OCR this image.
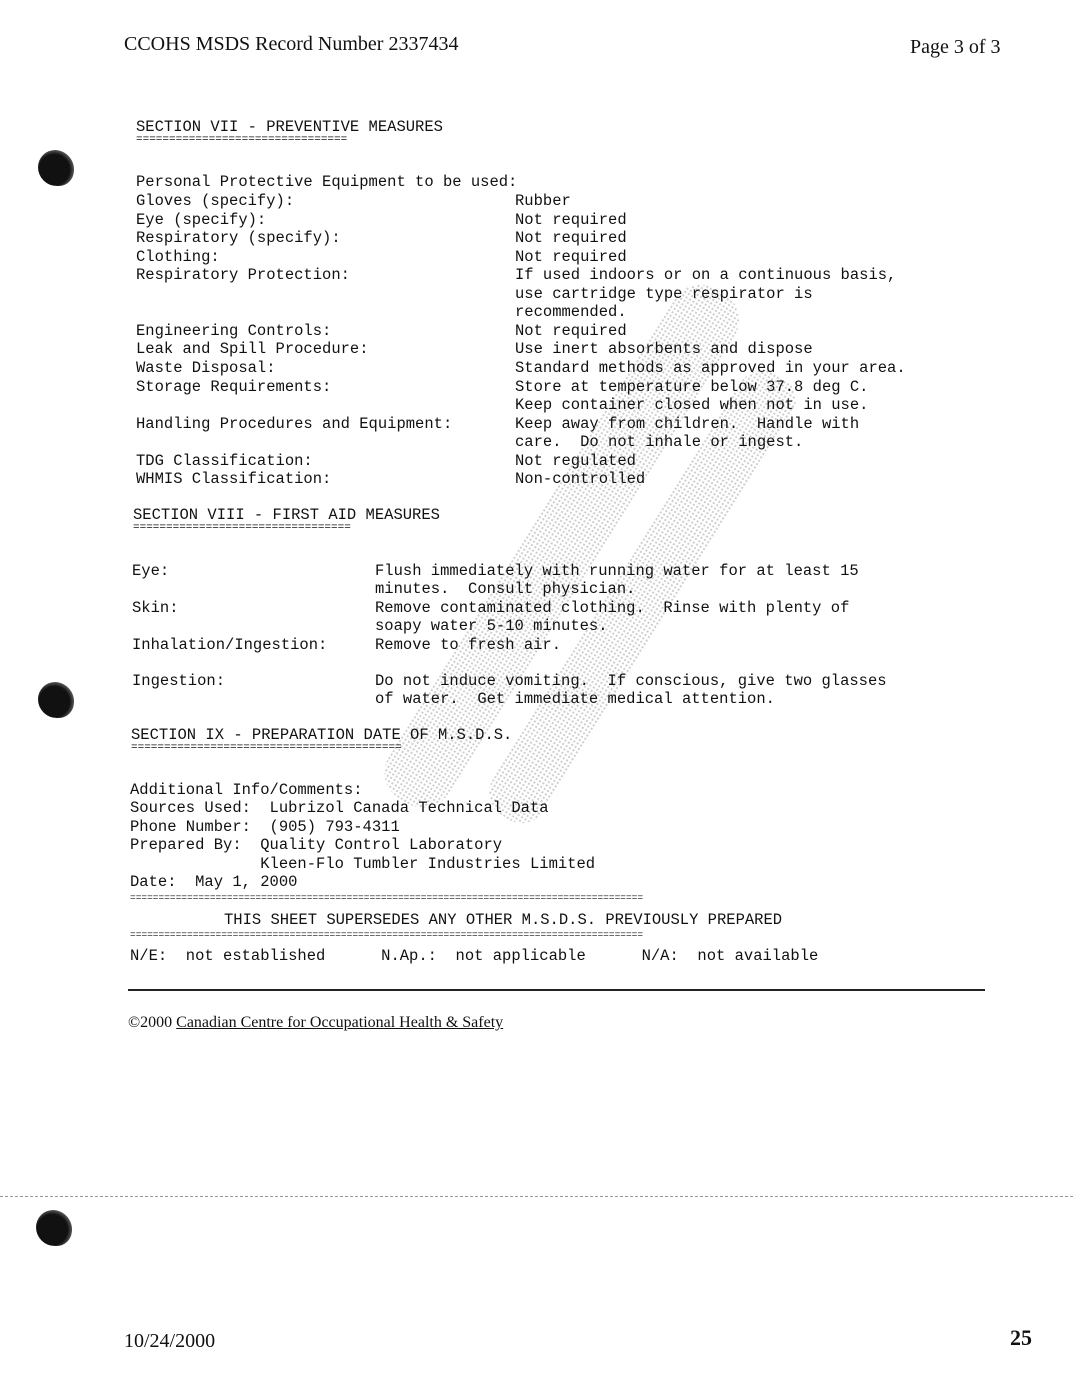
CCOHS MSDS Record Number 2337434	Page 3 of 3
SECTION VII - PREVENTIVE MEASURES
================================
Personal Protective Equipment to be used:
Gloves (specify):	Rubber
Eye (specify):	Not required
Respiratory (specify):	Not required
Clothing:	Not required
Respiratory Protection:	If used indoors or on a continuous basis,
use cartridge type respirator is
recommended.
Engineering Controls:	Not required
Leak and Spill Procedure:	Use inert absorbents and dispose
Waste Disposal:	Standard methods as approved in your area.
Storage Requirements:	Store at temperature below 37.8 deg C.
Keep container closed when not in use.
Handling Procedures and Equipment:	Keep away from children.  Handle with
care.  Do not inhale or ingest.
TDG Classification:	Not regulated
WHMIS Classification:	Non-controlled
SECTION VIII - FIRST AID MEASURES
=================================
Eye:	Flush immediately with running water for at least 15
minutes.  Consult physician.
Skin:	Remove contaminated clothing.  Rinse with plenty of
soapy water 5-10 minutes.
Inhalation/Ingestion:	Remove to fresh air.
Ingestion:	Do not induce vomiting.  If conscious, give two glasses
of water.  Get immediate medical attention.
SECTION IX - PREPARATION DATE OF M.S.D.S.
=========================================
Additional Info/Comments:
Sources Used:  Lubrizol Canada Technical Data
Phone Number:  (905) 793-4311
Prepared By:  Quality Control Laboratory
Kleen-Flo Tumbler Industries Limited
Date:  May 1, 2000
==========================================================================================
THIS SHEET SUPERSEDES ANY OTHER M.S.D.S. PREVIOUSLY PREPARED
==========================================================================================
N/E:  not established      N.Ap.:  not applicable      N/A:  not available
©2000 Canadian Centre for Occupational Health & Safety
10/24/2000	25
